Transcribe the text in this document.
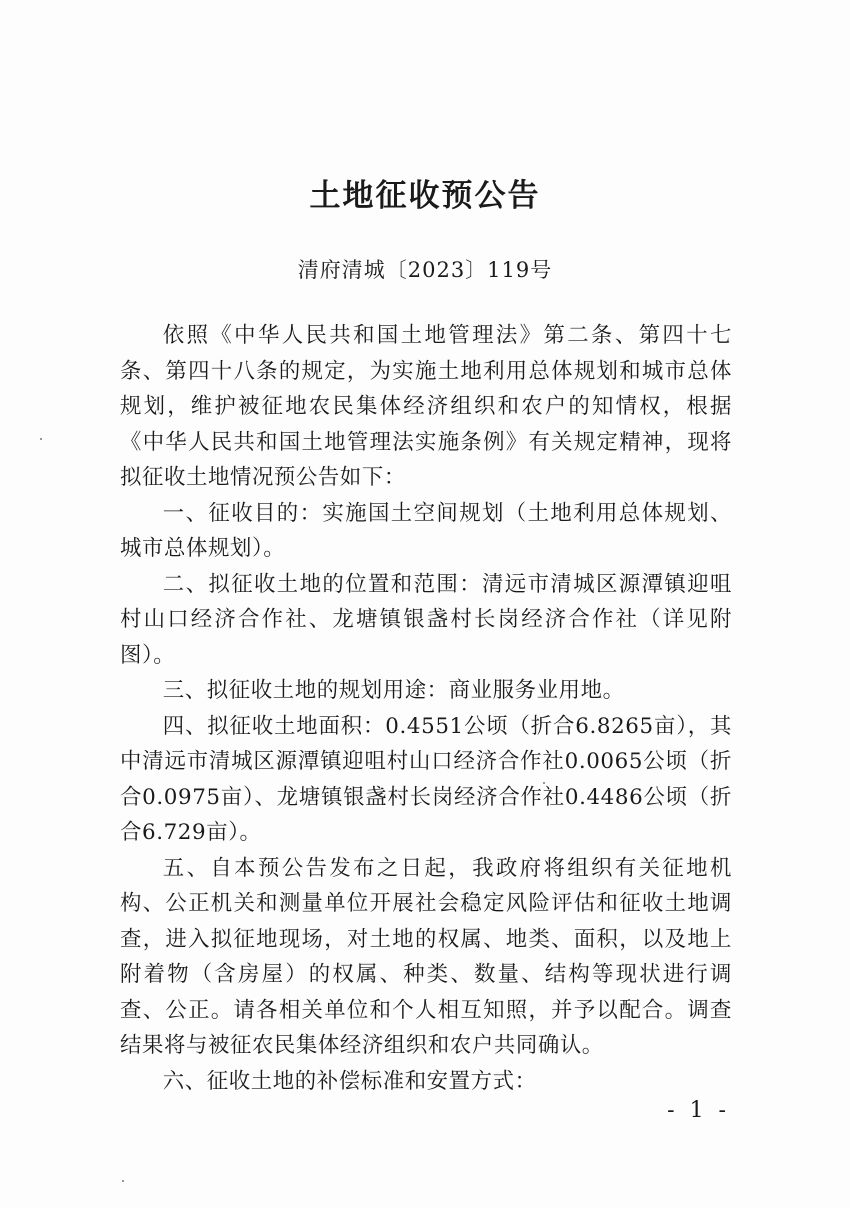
土地征收预公告
清府清城〔2023〕119号

依照《中华人民共和国土地管理法》第二条、第四十七条、第四十八条的规定，为实施土地利用总体规划和城市总体规划，维护被征地农民集体经济组织和农户的知情权，根据《中华人民共和国土地管理法实施条例》有关规定精神，现将拟征收土地情况预公告如下：

一、征收目的：实施国土空间规划（土地利用总体规划、城市总体规划）。

二、拟征收土地的位置和范围：清远市清城区源潭镇迎咀村山口经济合作社、龙塘镇银盏村长岗经济合作社（详见附图）。

三、拟征收土地的规划用途：商业服务业用地。

四、拟征收土地面积：0.4551公顷（折合6.8265亩），其中清远市清城区源潭镇迎咀村山口经济合作社0.0065公顷（折合0.0975亩）、龙塘镇银盏村长岗经济合作社0.4486公顷（折合6.729亩）。

五、自本预公告发布之日起，我政府将组织有关征地机构、公正机关和测量单位开展社会稳定风险评估和征收土地调查，进入拟征地现场，对土地的权属、地类、面积，以及地上附着物（含房屋）的权属、种类、数量、结构等现状进行调查、公正。请各相关单位和个人相互知照，并予以配合。调查结果将与被征农民集体经济组织和农户共同确认。

六、征收土地的补偿标准和安置方式：

- 1 -
